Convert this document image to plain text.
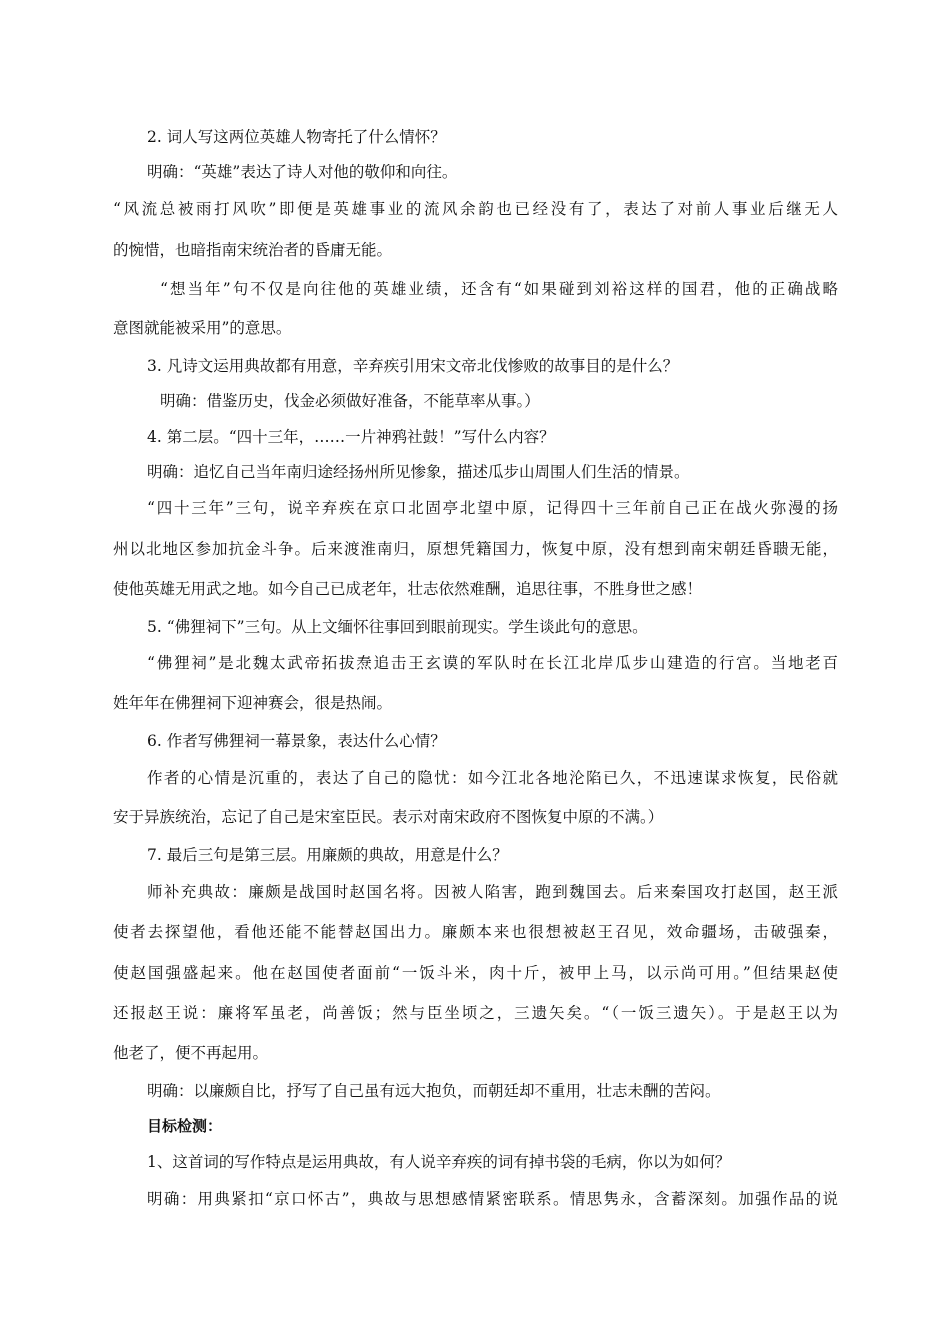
2. 词人写这两位英雄人物寄托了什么情怀？
明确：“英雄”表达了诗人对他的敬仰和向往。
“风流总被雨打风吹”即便是英雄事业的流风余韵也已经没有了，表达了对前人事业后继无人
的惋惜，也暗指南宋统治者的昏庸无能。
“想当年”句不仅是向往他的英雄业绩，还含有“如果碰到刘裕这样的国君，他的正确战略
意图就能被采用”的意思。
3. 凡诗文运用典故都有用意，辛弃疾引用宋文帝北伐惨败的故事目的是什么？
明确：借鉴历史，伐金必须做好准备，不能草率从事。）
4. 第二层。“四十三年，……一片神鸦社鼓！”写什么内容？
明确：追忆自己当年南归途经扬州所见惨象，描述瓜步山周围人们生活的情景。
“四十三年”三句，说辛弃疾在京口北固亭北望中原，记得四十三年前自己正在战火弥漫的扬
州以北地区参加抗金斗争。后来渡淮南归，原想凭籍国力，恢复中原，没有想到南宋朝廷昏聩无能，
使他英雄无用武之地。如今自己已成老年，壮志依然难酬，追思往事，不胜身世之感！
5. “佛狸祠下”三句。从上文缅怀往事回到眼前现实。学生谈此句的意思。
“佛狸祠”是北魏太武帝拓拔焘追击王玄谟的军队时在长江北岸瓜步山建造的行宫。当地老百
姓年年在佛狸祠下迎神赛会，很是热闹。
6. 作者写佛狸祠一幕景象，表达什么心情？
作者的心情是沉重的，表达了自己的隐忧：如今江北各地沦陷已久，不迅速谋求恢复，民俗就
安于异族统治，忘记了自己是宋室臣民。表示对南宋政府不图恢复中原的不满。）
7. 最后三句是第三层。用廉颇的典故，用意是什么？
师补充典故：廉颇是战国时赵国名将。因被人陷害，跑到魏国去。后来秦国攻打赵国，赵王派
使者去探望他，看他还能不能替赵国出力。廉颇本来也很想被赵王召见，效命疆场，击破强秦，
使赵国强盛起来。他在赵国使者面前“一饭斗米，肉十斤，被甲上马，以示尚可用。”但结果赵使
还报赵王说：廉将军虽老，尚善饭；然与臣坐顷之，三遗矢矣。“（一饭三遗矢）。于是赵王以为
他老了，便不再起用。
明确：以廉颇自比，抒写了自己虽有远大抱负，而朝廷却不重用，壮志未酬的苦闷。
目标检测：
1、这首词的写作特点是运用典故，有人说辛弃疾的词有掉书袋的毛病，你以为如何？
明确：用典紧扣“京口怀古”，典故与思想感情紧密联系。情思隽永，含蓄深刻。加强作品的说
